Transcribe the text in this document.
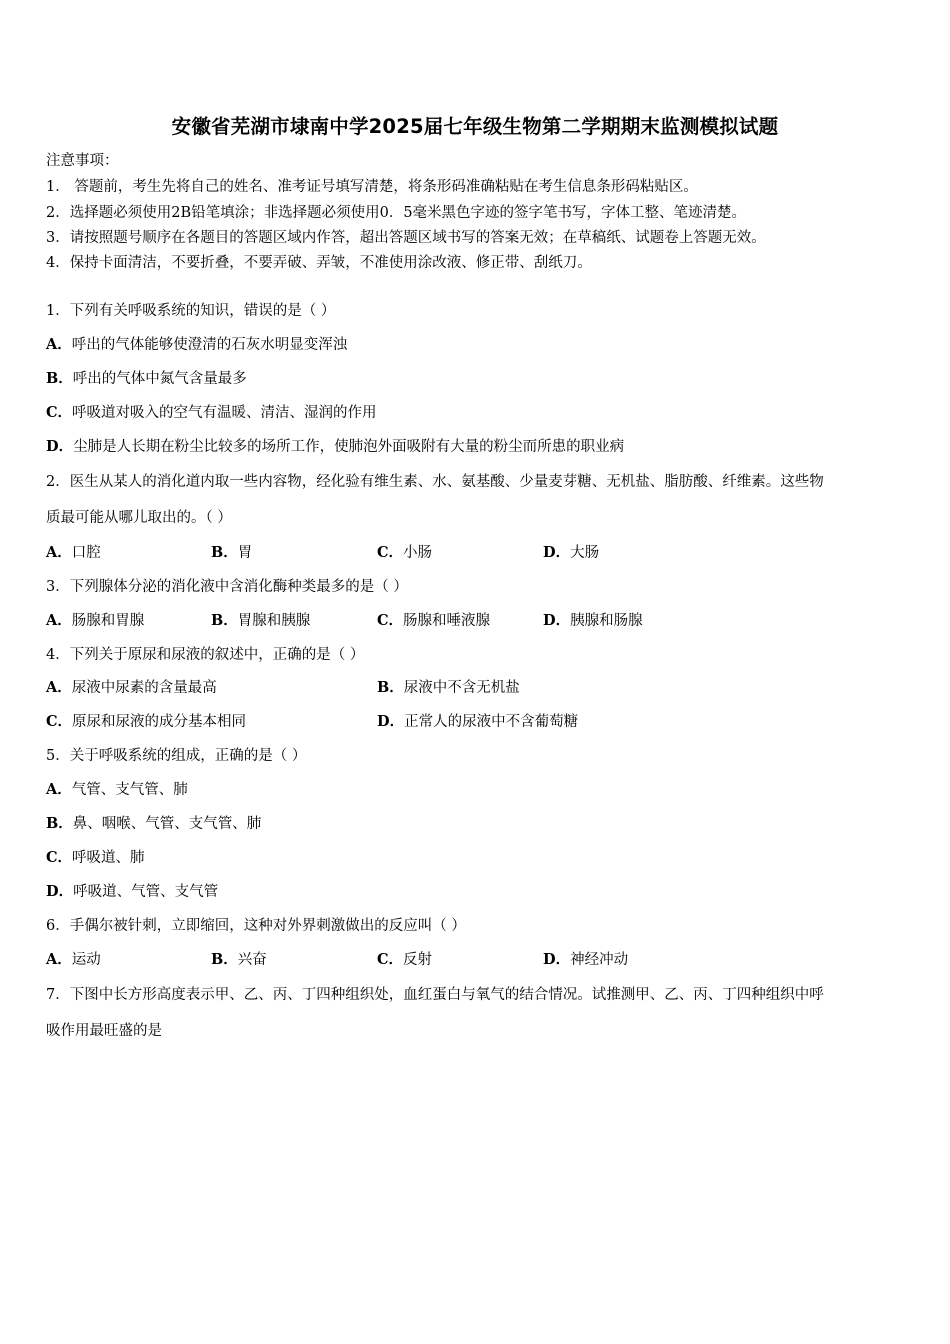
安徽省芜湖市埭南中学2025届七年级生物第二学期期末监测模拟试题
注意事项：
1． 答题前，考生先将自己的姓名、准考证号填写清楚，将条形码准确粘贴在考生信息条形码粘贴区。
2．选择题必须使用2B铅笔填涂；非选择题必须使用0．5毫米黑色字迹的签字笔书写，字体工整、笔迹清楚。
3．请按照题号顺序在各题目的答题区域内作答，超出答题区域书写的答案无效；在草稿纸、试题卷上答题无效。
4．保持卡面清洁，不要折叠，不要弄破、弄皱，不准使用涂改液、修正带、刮纸刀。
1．下列有关呼吸系统的知识，错误的是（ ）
A．呼出的气体能够使澄清的石灰水明显变浑浊
B．呼出的气体中氮气含量最多
C．呼吸道对吸入的空气有温暖、清洁、湿润的作用
D．尘肺是人长期在粉尘比较多的场所工作，使肺泡外面吸附有大量的粉尘而所患的职业病
2．医生从某人的消化道内取一些内容物，经化验有维生素、水、氨基酸、少量麦芽糖、无机盐、脂肪酸、纤维素。这些物
质最可能从哪儿取出的。（ ）
A．口腔	B．胃	C．小肠	D．大肠
3．下列腺体分泌的消化液中含消化酶种类最多的是（ ）
A．肠腺和胃腺	B．胃腺和胰腺	C．肠腺和唾液腺	D．胰腺和肠腺
4．下列关于原尿和尿液的叙述中，正确的是（ ）
A．尿液中尿素的含量最高	B．尿液中不含无机盐
C．原尿和尿液的成分基本相同	D．正常人的尿液中不含葡萄糖
5．关于呼吸系统的组成，正确的是（ ）
A．气管、支气管、肺
B．鼻、咽喉、气管、支气管、肺
C．呼吸道、肺
D．呼吸道、气管、支气管
6．手偶尔被针刺，立即缩回，这种对外界刺激做出的反应叫（ ）
A．运动	B．兴奋	C．反射	D．神经冲动
7．下图中长方形高度表示甲、乙、丙、丁四种组织处，血红蛋白与氧气的结合情况。试推测甲、乙、丙、丁四种组织中呼
吸作用最旺盛的是
